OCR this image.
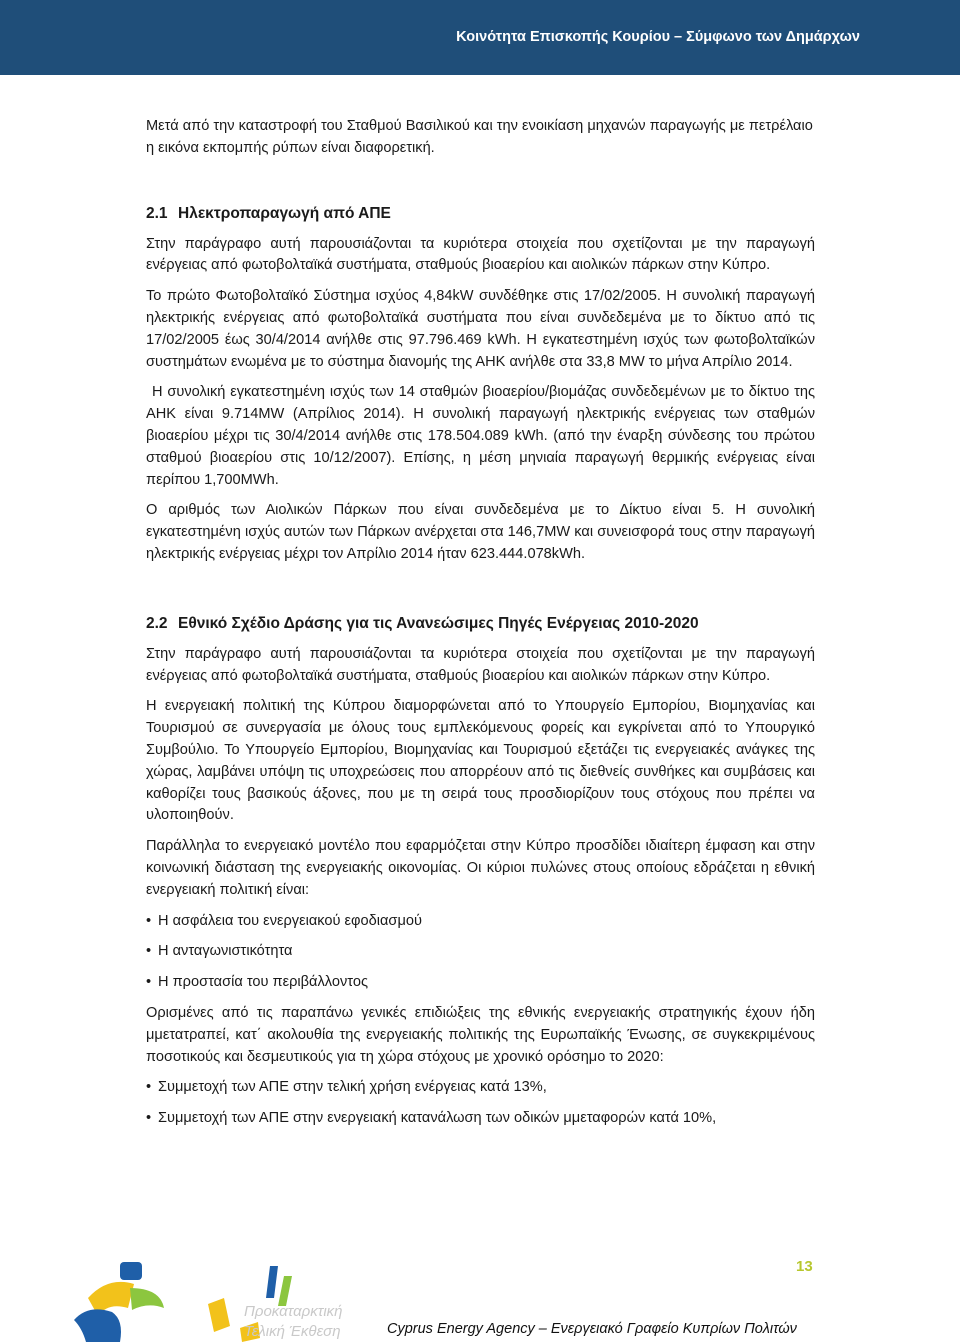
Κοινότητα Επισκοπής Κουρίου – Σύμφωνο των Δημάρχων

Μετά από την καταστροφή του Σταθμού Βασιλικού και την ενοικίαση μηχανών παραγωγής με πετρέλαιο η εικόνα εκπομπής ρύπων είναι διαφορετική.

2.1 Ηλεκτροπαραγωγή από ΑΠΕ

Στην παράγραφο αυτή παρουσιάζονται τα κυριότερα στοιχεία που σχετίζονται με την παραγωγή ενέργειας από φωτοβολταϊκά συστήματα, σταθμούς βιοαερίου και αιολικών πάρκων στην Κύπρο.

Το πρώτο Φωτοβολταϊκό Σύστημα ισχύος 4,84kW συνδέθηκε στις 17/02/2005. Η συνολική παραγωγή ηλεκτρικής ενέργειας από φωτοβολταϊκά συστήματα που είναι συνδεδεμένα με το δίκτυο από τις 17/02/2005 έως 30/4/2014 ανήλθε στις 97.796.469 kWh. Η εγκατεστημένη ισχύς των φωτοβολταϊκών συστημάτων ενωμένα με το σύστημα διανομής της ΑΗΚ ανήλθε στα 33,8 MW το μήνα Απρίλιο 2014.

Η συνολική εγκατεστημένη ισχύς των 14 σταθμών βιοαερίου/βιομάζας συνδεδεμένων με το δίκτυο της ΑΗΚ είναι 9.714MW (Απρίλιος 2014). Η συνολική παραγωγή ηλεκτρικής ενέργειας των σταθμών βιοαερίου μέχρι τις 30/4/2014 ανήλθε στις 178.504.089 kWh. (από την έναρξη σύνδεσης του πρώτου σταθμού βιοαερίου στις 10/12/2007). Επίσης, η μέση μηνιαία παραγωγή θερμικής ενέργειας είναι περίπου 1,700MWh.

Ο αριθμός των Αιολικών Πάρκων που είναι συνδεδεμένα με το Δίκτυο είναι 5. Η συνολική εγκατεστημένη ισχύς αυτών των Πάρκων ανέρχεται στα 146,7MW και συνεισφορά τους στην παραγωγή ηλεκτρικής ενέργειας μέχρι τον Απρίλιο 2014 ήταν 623.444.078kWh.

2.2 Εθνικό Σχέδιο Δράσης για τις Ανανεώσιμες Πηγές Ενέργειας 2010-2020

Στην παράγραφο αυτή παρουσιάζονται τα κυριότερα στοιχεία που σχετίζονται με την παραγωγή ενέργειας από φωτοβολταϊκά συστήματα, σταθμούς βιοαερίου και αιολικών πάρκων στην Κύπρο.

Η ενεργειακή πολιτική της Κύπρου διαμορφώνεται από το Υπουργείο Εμπορίου, Βιομηχανίας και Τουρισμού σε συνεργασία με όλους τους εμπλεκόμενους φορείς και εγκρίνεται από το Υπουργικό Συμβούλιο. Το Υπουργείο Εμπορίου, Βιομηχανίας και Τουρισμού εξετάζει τις ενεργειακές ανάγκες της χώρας, λαμβάνει υπόψη τις υποχρεώσεις που απορρέουν από τις διεθνείς συνθήκες και συμβάσεις και καθορίζει τους βασικούς άξονες, που με τη σειρά τους προσδιορίζουν τους στόχους που πρέπει να υλοποιηθούν.

Παράλληλα το ενεργειακό μοντέλο που εφαρμόζεται στην Κύπρο προσδίδει ιδιαίτερη έμφαση και στην κοινωνική διάσταση της ενεργειακής οικονομίας. Οι κύριοι πυλώνες στους οποίους εδράζεται η εθνική ενεργειακή πολιτική είναι:

• Η ασφάλεια του ενεργειακού εφοδιασμού
• Η ανταγωνιστικότητα
• Η προστασία του περιβάλλοντος

Ορισμένες από τις παραπάνω γενικές επιδιώξεις της εθνικής ενεργειακής στρατηγικής έχουν ήδη μμετατραπεί, κατ΄ ακολουθία της ενεργειακής πολιτικής της Ευρωπαϊκής Ένωσης, σε συγκεκριμένους ποσοτικούς και δεσμευτικούς για τη χώρα στόχους με χρονικό ορόσημο το 2020:

• Συμμετοχή των ΑΠΕ στην τελική χρήση ενέργειας κατά 13%,
• Συμμετοχή των ΑΠΕ στην ενεργειακή κατανάλωση των οδικών μμεταφορών κατά 10%,
Προκαταρκτική
Τελική Έκθεση
13
Cyprus Energy Agency – Ενεργειακό Γραφείο Κυπρίων Πολιτών
